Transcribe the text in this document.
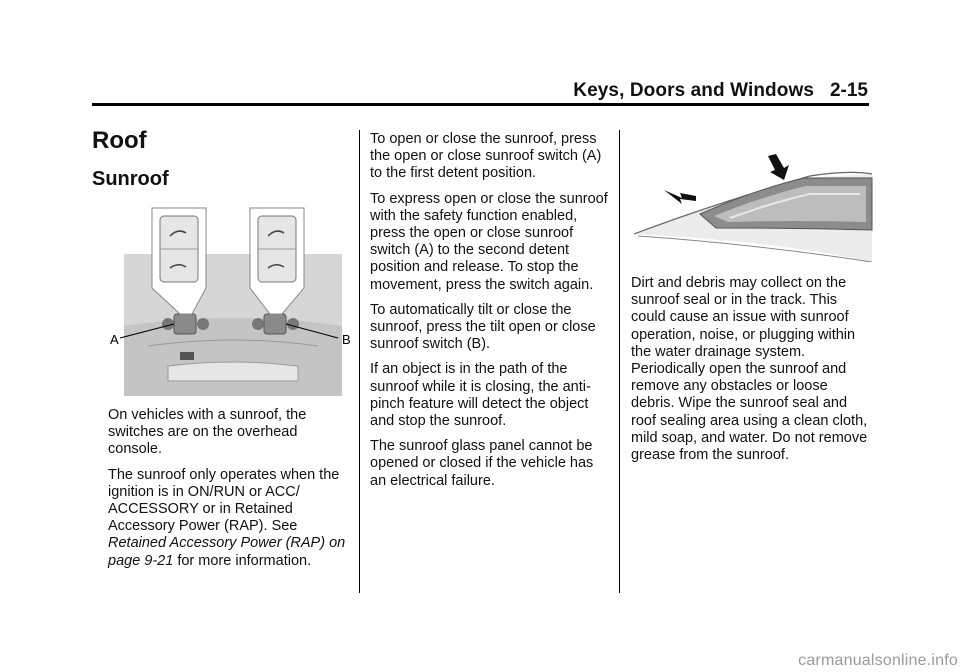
Keys, Doors and Windows 2-15
Roof
Sunroof
A	B

On vehicles with a sunroof, the switches are on the overhead console.

The sunroof only operates when the ignition is in ON/RUN or ACC/ ACCESSORY or in Retained Accessory Power (RAP). See Retained Accessory Power (RAP) on page 9-21 for more information.

To open or close the sunroof, press the open or close sunroof switch (A) to the first detent position.

To express open or close the sunroof with the safety function enabled, press the open or close sunroof switch (A) to the second detent position and release. To stop the movement, press the switch again.

To automatically tilt or close the sunroof, press the tilt open or close sunroof switch (B).

If an object is in the path of the sunroof while it is closing, the anti-pinch feature will detect the object and stop the sunroof.

The sunroof glass panel cannot be opened or closed if the vehicle has an electrical failure.

Dirt and debris may collect on the sunroof seal or in the track. This could cause an issue with sunroof operation, noise, or plugging within the water drainage system. Periodically open the sunroof and remove any obstacles or loose debris. Wipe the sunroof seal and roof sealing area using a clean cloth, mild soap, and water. Do not remove grease from the sunroof.

carmanualsonline.info
